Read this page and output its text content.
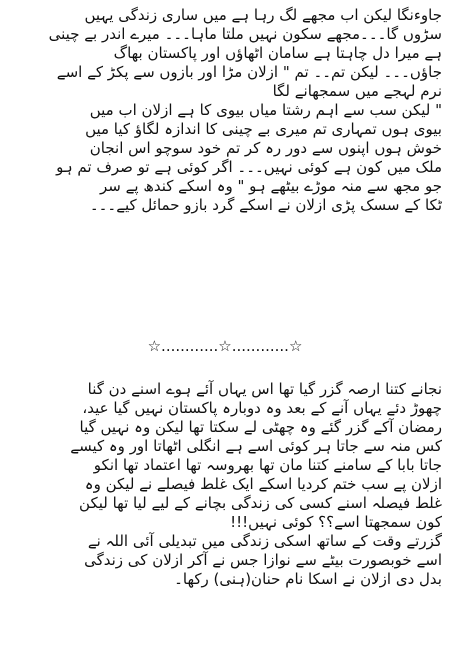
جاوءنگا لیکن اب مجھے لگ رہا ہے میں ساری زندگی یہیں
سڑوں گا۔۔۔مجھے سکون نہیں ملتا ماہا۔۔۔ میرے اندر بے چینی
ہے میرا دل چاہتا ہے سامان اٹھاؤں اور پاکستان بھاگ
جاؤں۔۔۔ لیکن تم۔۔ تم " ازلان مڑا اور بازوں سے پکڑ کے اسے
نرم لہجے میں سمجھانے لگا
" لیکن سب سے اہم رشتا میاں بیوی کا ہے ازلان اب میں
بیوی ہوں تمہاری تم میری بے چینی کا اندازہ لگاؤ کیا میں
خوش ہوں اپنوں سے دور رہ کر تم خود سوچو اس انجان
ملک میں کون ہے کوئی نہیں۔۔۔ اگر کوئی ہے تو صرف تم ہو
جو مجھ سے منہ موڑے بیٹھے ہو " وہ اسکے کندھ پے سر
ٹکا کے سسک پڑی ازلان نے اسکے گرد بازو حمائل کیے۔۔۔
☆............☆............☆
نجانے کتنا ارصہ گزر گیا تھا اس یہاں آئے ہوے اسنے دن گنا
چھوڑ دئے یہاں آنے کے بعد وہ دوبارہ پاکستان نہیں گیا عید،
رمضان آکے گزر گئے وہ چھٹی لے سکتا تھا لیکن وہ نہیں گیا
کس منہ سے جاتا ہر کوئی اسے ہے انگلی اٹھاتا اور وہ کیسے
جاتا بابا کے سامنے کتنا مان تھا بھروسہ تھا اعتماد تھا انکو
ازلان پے سب ختم کردیا اسکے ایک غلط فیصلے نے لیکن وہ
غلط فیصلہ اسنے کسی کی زندگی بچانے کے لیے لیا تھا لیکن
کون سمجھتا اسے؟؟ کوئی نہیں!!!
گزرتے وقت کے ساتھ اسکی زندگی میں تبدیلی آئی اللہ نے
اسے خوبصورت بیٹے سے نوازا جس نے آکر ازلان کی زندگی
بدل دی ازلان نے اسکا نام حنان(ہنی) رکھا۔
